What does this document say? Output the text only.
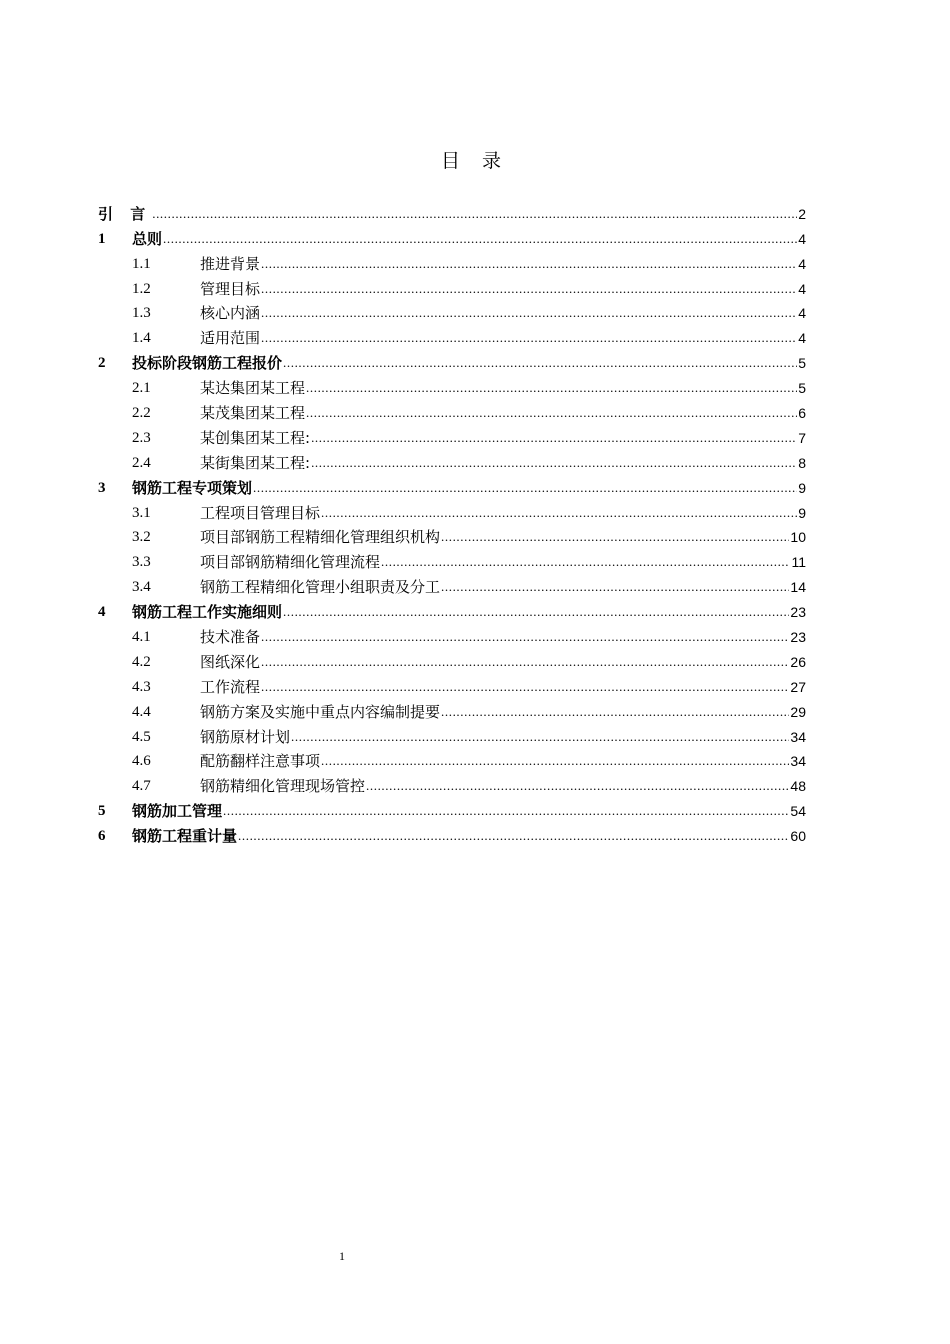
目 录
引 言 .....	2
1	总则 .....	4
1.1	推进背景 .....	4
1.2	管理目标 .....	4
1.3	核心内涵 .....	4
1.4	适用范围 .....	4
2	投标阶段钢筋工程报价 .....	5
2.1	某达集团某工程 .....	5
2.2	某茂集团某工程 .....	6
2.3	某创集团某工程: .....	7
2.4	某街集团某工程: .....	8
3	钢筋工程专项策划 .....	9
3.1	工程项目管理目标 .....	9
3.2	项目部钢筋工程精细化管理组织机构 .....	10
3.3	项目部钢筋精细化管理流程 .....	11
3.4	钢筋工程精细化管理小组职责及分工 .....	14
4	钢筋工程工作实施细则 .....	23
4.1	技术准备 .....	23
4.2	图纸深化 .....	26
4.3	工作流程 .....	27
4.4	钢筋方案及实施中重点内容编制提要 .....	29
4.5	钢筋原材计划 .....	34
4.6	配筋翻样注意事项 .....	34
4.7	钢筋精细化管理现场管控 .....	48
5	钢筋加工管理 .....	54
6	钢筋工程重计量 .....	60
1
